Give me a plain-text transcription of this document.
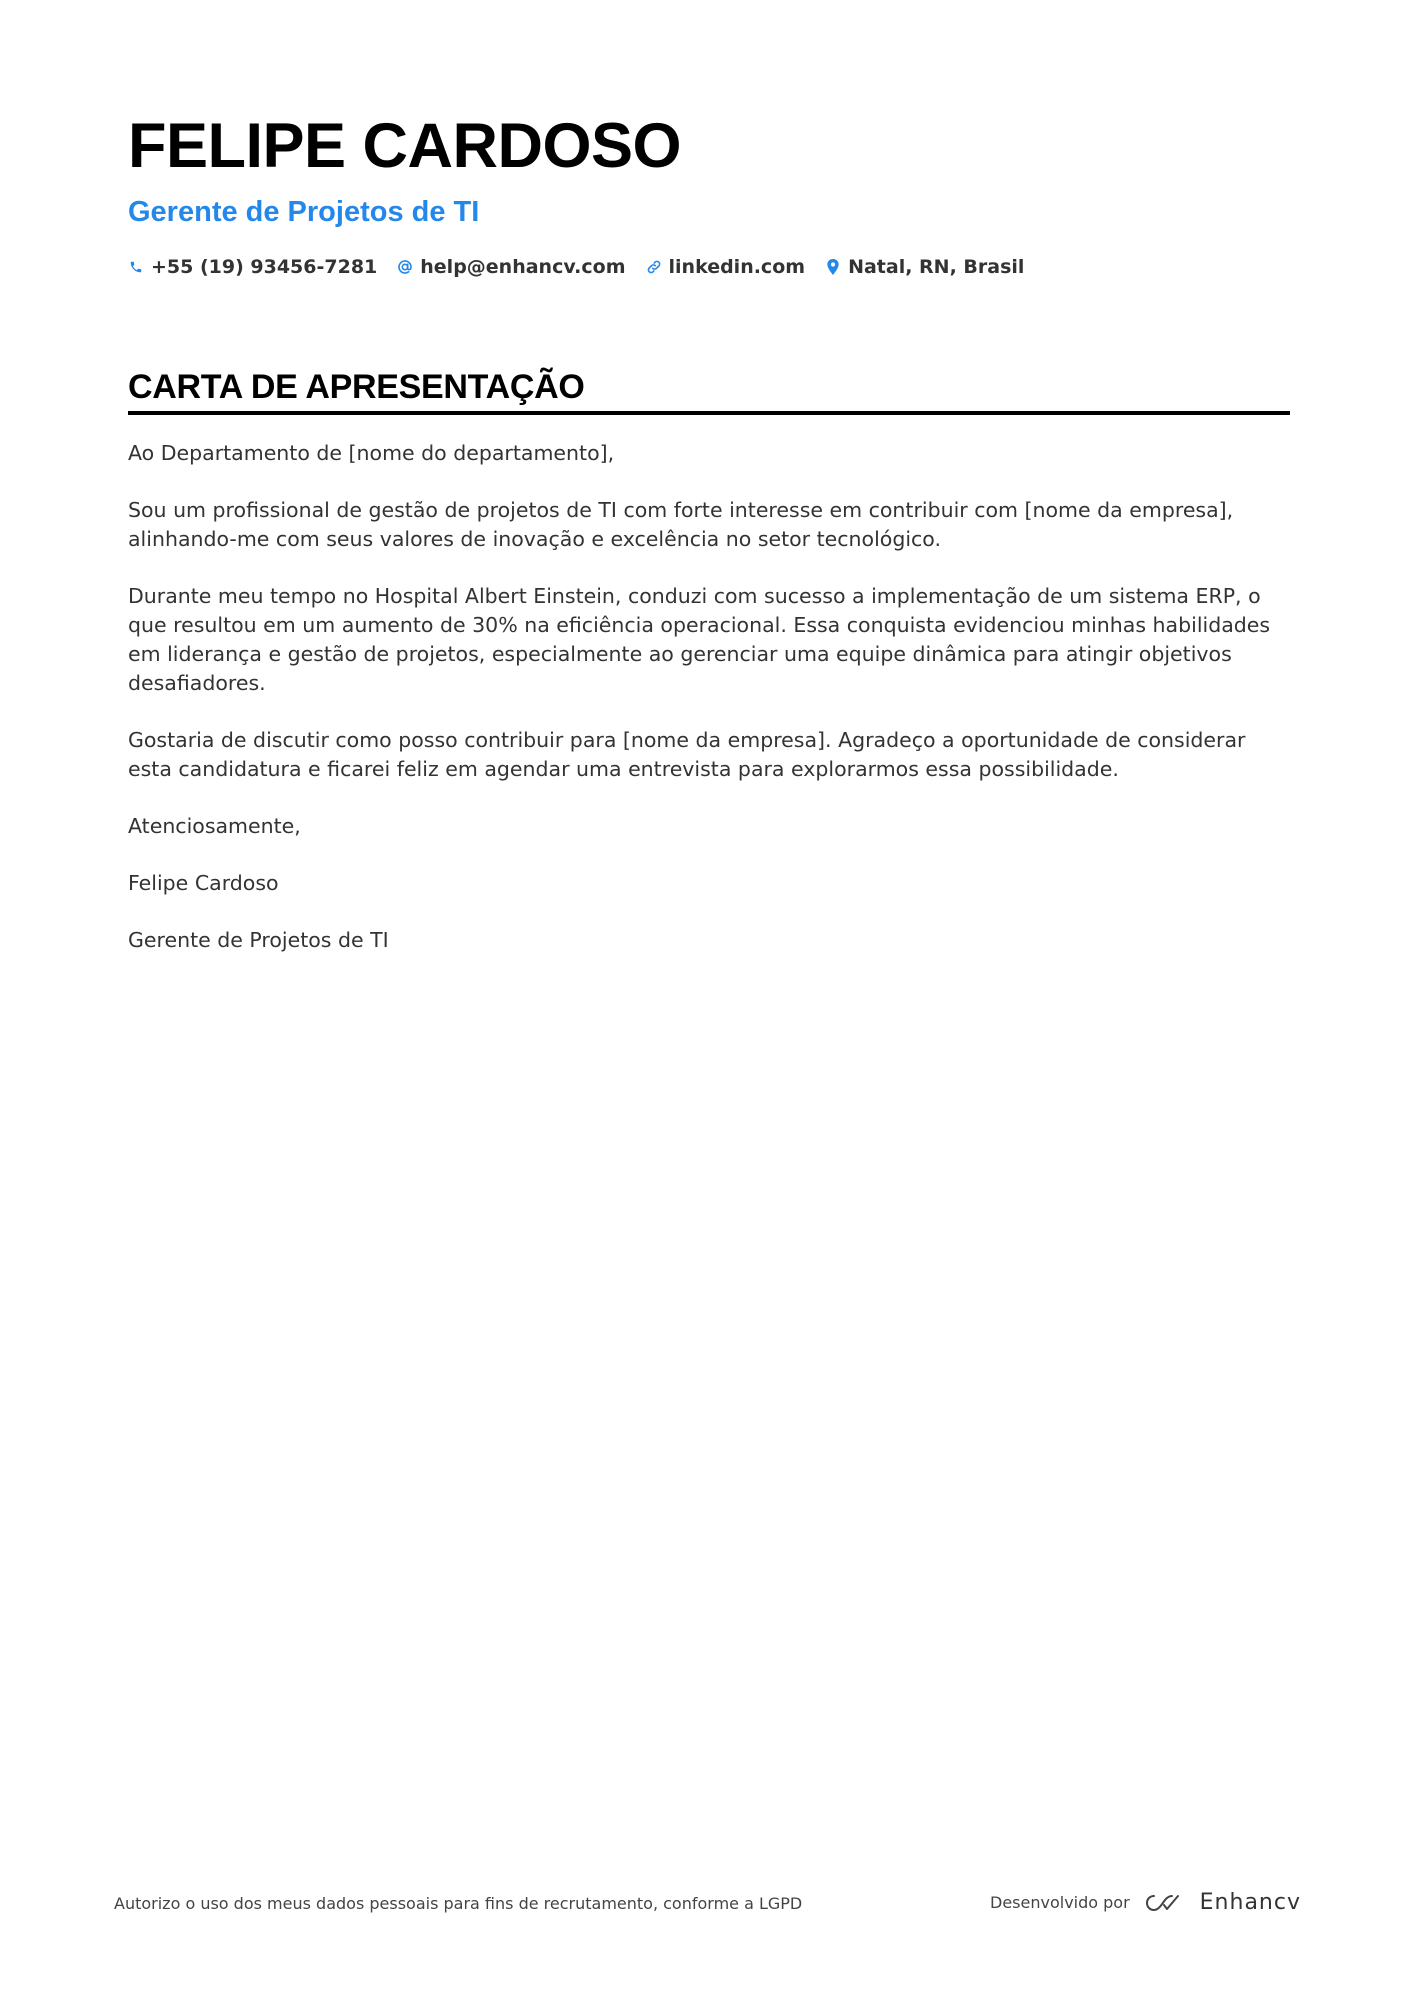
FELIPE CARDOSO
Gerente de Projetos de TI
+55 (19) 93456-7281 help@enhancv.com linkedin.com Natal, RN, Brasil
CARTA DE APRESENTAÇÃO

Ao Departamento de [nome do departamento],

Sou um profissional de gestão de projetos de TI com forte interesse em contribuir com [nome da empresa], alinhando-me com seus valores de inovação e excelência no setor tecnológico.

Durante meu tempo no Hospital Albert Einstein, conduzi com sucesso a implementação de um sistema ERP, o que resultou em um aumento de 30% na eficiência operacional. Essa conquista evidenciou minhas habilidades em liderança e gestão de projetos, especialmente ao gerenciar uma equipe dinâmica para atingir objetivos desafiadores.

Gostaria de discutir como posso contribuir para [nome da empresa]. Agradeço a oportunidade de considerar esta candidatura e ficarei feliz em agendar uma entrevista para explorarmos essa possibilidade.

Atenciosamente,

Felipe Cardoso

Gerente de Projetos de TI

Autorizo o uso dos meus dados pessoais para fins de recrutamento, conforme a LGPD	Desenvolvido por	Enhancv
